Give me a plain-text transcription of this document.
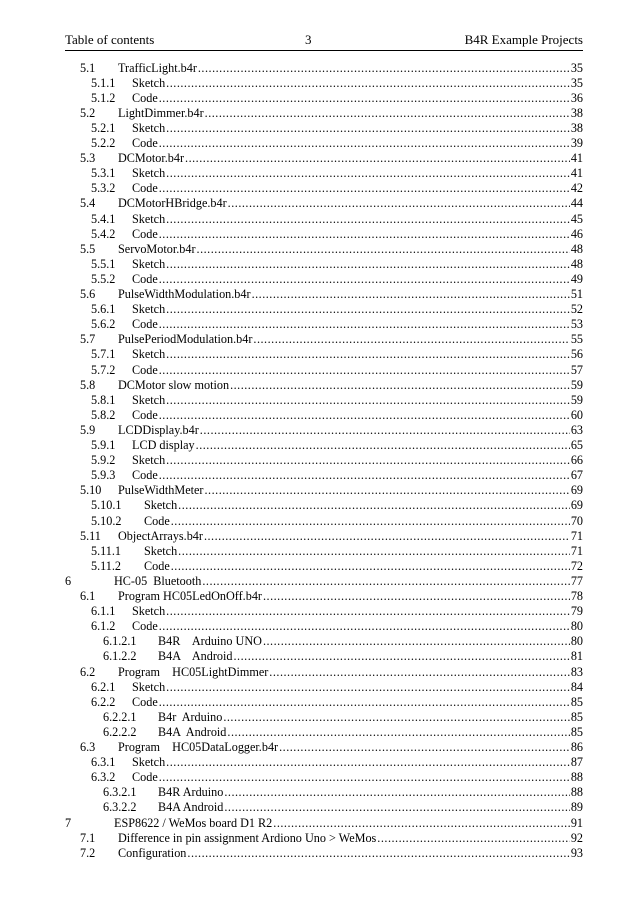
Table of contents	3	B4R Example Projects
5.1	TrafficLight.b4r .....	35
5.1.1	Sketch .....	35
5.1.2	Code .....	36
5.2	LightDimmer.b4r .....	38
5.2.1	Sketch .....	38
5.2.2	Code .....	39
5.3	DCMotor.b4r .....	41
5.3.1	Sketch .....	41
5.3.2	Code .....	42
5.4	DCMotorHBridge.b4r .....	44
5.4.1	Sketch .....	45
5.4.2	Code .....	46
5.5	ServoMotor.b4r .....	48
5.5.1	Sketch .....	48
5.5.2	Code .....	49
5.6	PulseWidthModulation.b4r .....	51
5.6.1	Sketch .....	52
5.6.2	Code .....	53
5.7	PulsePeriodModulation.b4r .....	55
5.7.1	Sketch .....	56
5.7.2	Code .....	57
5.8	DCMotor slow motion .....	59
5.8.1	Sketch .....	59
5.8.2	Code .....	60
5.9	LCDDisplay.b4r .....	63
5.9.1	LCD display .....	65
5.9.2	Sketch .....	66
5.9.3	Code .....	67
5.10	PulseWidthMeter .....	69
5.10.1	Sketch .....	69
5.10.2	Code .....	70
5.11	ObjectArrays.b4r .....	71
5.11.1	Sketch .....	71
5.11.2	Code .....	72
6	HC-05  Bluetooth .....	77
6.1	Program HC05LedOnOff.b4r .....	78
6.1.1	Sketch .....	79
6.1.2	Code .....	80
6.1.2.1	B4R    Arduino UNO .....	80
6.1.2.2	B4A    Android .....	81
6.2	Program    HC05LightDimmer .....	83
6.2.1	Sketch .....	84
6.2.2	Code .....	85
6.2.2.1	B4r  Arduino .....	85
6.2.2.2	B4A  Android .....	85
6.3	Program    HC05DataLogger.b4r .....	86
6.3.1	Sketch .....	87
6.3.2	Code .....	88
6.3.2.1	B4R Arduino .....	88
6.3.2.2	B4A Android .....	89
7	ESP8622 / WeMos board D1 R2 .....	91
7.1	Difference in pin assignment Ardiono Uno > WeMos .....	92
7.2	Configuration .....	93
